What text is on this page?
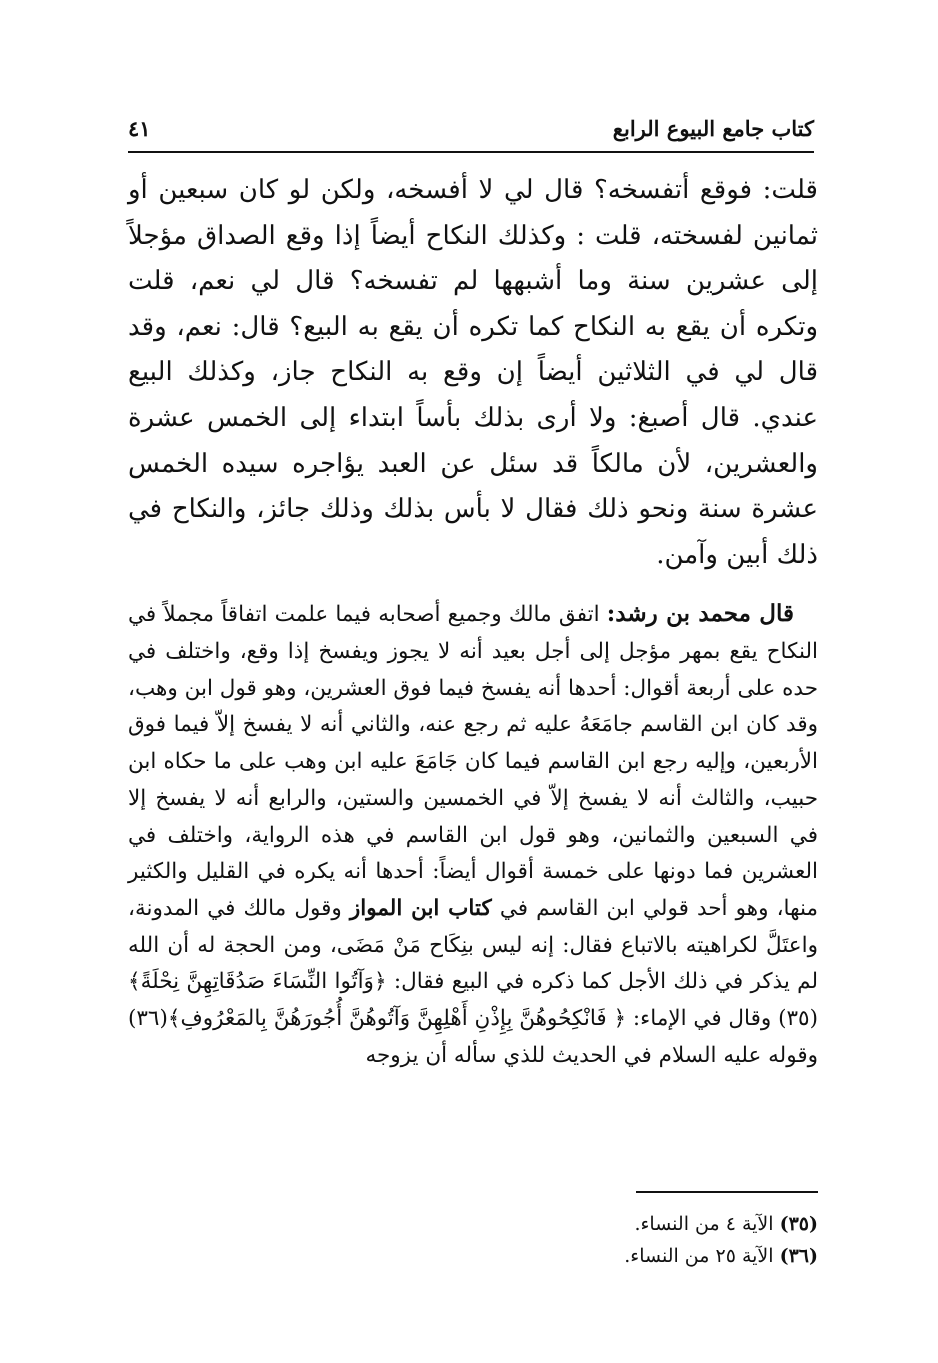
كتاب جامع البيوع الرابع
٤١

قلت: فوقع أتفسخه؟ قال لي لا أفسخه، ولكن لو كان سبعين أو ثمانين لفسخته، قلت : وكذلك النكاح أيضاً إذا وقع الصداق مؤجلاً إلى عشرين سنة وما أشبهها لم تفسخه؟ قال لي نعم، قلت وتكره أن يقع به النكاح كما تكره أن يقع به البيع؟ قال: نعم، وقد قال لي في الثلاثين أيضاً إن وقع به النكاح جاز، وكذلك البيع عندي. قال أصبغ: ولا أرى بذلك بأساً ابتداء إلى الخمس عشرة والعشرين، لأن مالكاً قد سئل عن العبد يؤاجره سيده الخمس عشرة سنة ونحو ذلك فقال لا بأس بذلك وذلك جائز، والنكاح في ذلك أبين وآمن.

قال محمد بن رشد: اتفق مالك وجميع أصحابه فيما علمت اتفاقاً مجملاً في النكاح يقع بمهر مؤجل إلى أجل بعيد أنه لا يجوز ويفسخ إذا وقع، واختلف في حده على أربعة أقوال: أحدها أنه يفسخ فيما فوق العشرين، وهو قول ابن وهب، وقد كان ابن القاسم جامَعَهُ عليه ثم رجع عنه، والثاني أنه لا يفسخ إلاّ فيما فوق الأربعين، وإليه رجع ابن القاسم فيما كان جَامَعَ عليه ابن وهب على ما حكاه ابن حبيب، والثالث أنه لا يفسخ إلاّ في الخمسين والستين، والرابع أنه لا يفسخ إلا في السبعين والثمانين، وهو قول ابن القاسم في هذه الرواية، واختلف في العشرين فما دونها على خمسة أقوال أيضاً: أحدها أنه يكره في القليل والكثير منها، وهو أحد قولي ابن القاسم في كتاب ابن المواز وقول مالك في المدونة، واعتَلَّ لكراهيته بالاتباع فقال: إنه ليس بنِكَاح مَنْ مَضَى، ومن الحجة له أن الله لم يذكر في ذلك الأجل كما ذكره في البيع فقال: ﴿وَآتُوا النِّسَاءَ صَدُقَاتِهِنَّ نِحْلَةً﴾(٣٥) وقال في الإماء: ﴿ فَانْكِحُوهُنَّ بِإِذْنِ أَهْلِهِنَّ وَآتُوهُنَّ أُجُورَهُنَّ بِالمَعْرُوفِ﴾(٣٦) وقوله عليه السلام في الحديث للذي سأله أن يزوجه

(٣٥) الآية ٤ من النساء.

(٣٦) الآية ٢٥ من النساء.
